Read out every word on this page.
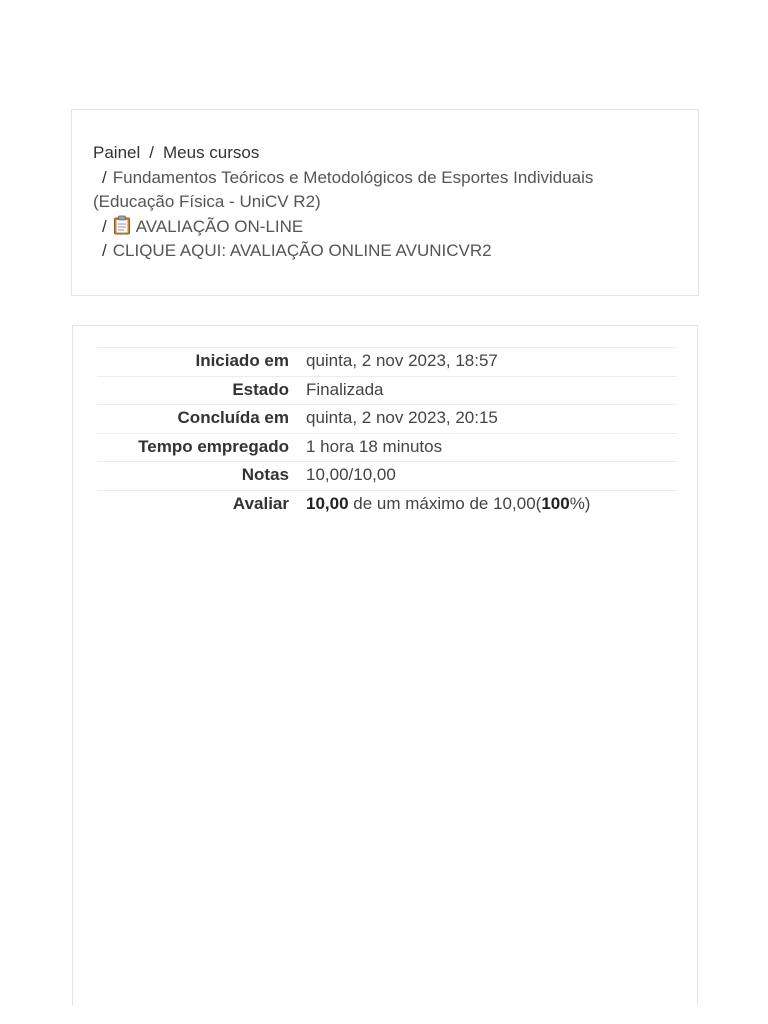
Painel / Meus cursos
/ Fundamentos Teóricos e Metodológicos de Esportes Individuais (Educação Física - UniCV R2)
/ AVALIAÇÃO ON-LINE
/ CLIQUE AQUI: AVALIAÇÃO ONLINE AVUNICVR2
Iniciado em	quinta, 2 nov 2023, 18:57
Estado	Finalizada
Concluída em	quinta, 2 nov 2023, 20:15
Tempo empregado	1 hora 18 minutos
Notas	10,00/10,00
Avaliar	10,00 de um máximo de 10,00(100%)
